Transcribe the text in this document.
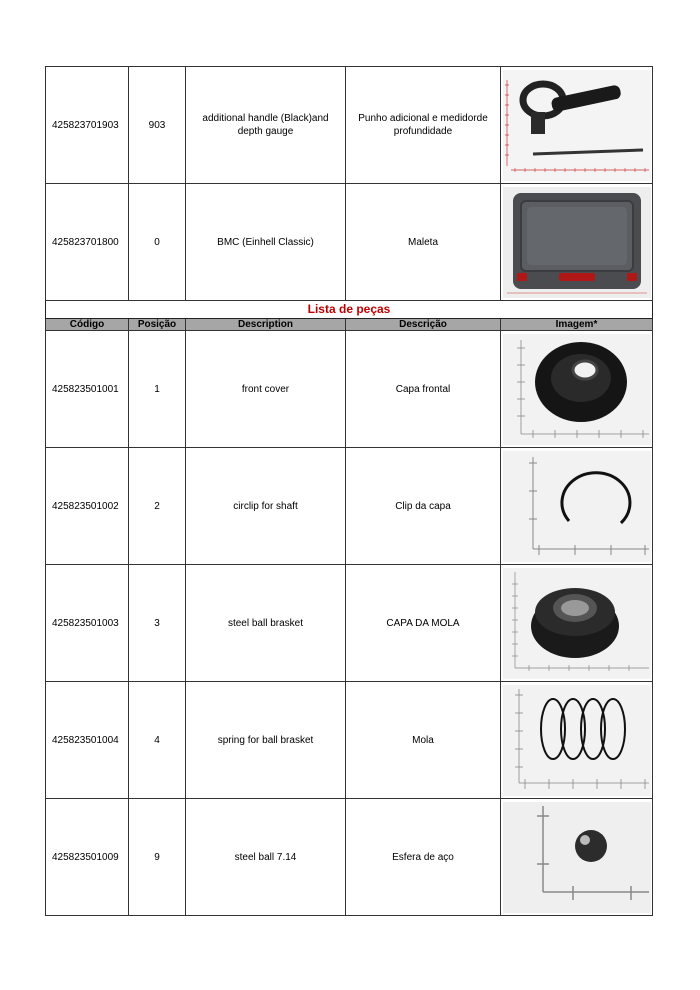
425823701903	903	additional handle (Black)and depth gauge	Punho adicional e medidorde profundidade	

425823701800	0	BMC (Einhell Classic)	Maleta	

Lista de peças				
Código	Posição	Description	Descrição	Imagem*
425823501001	1	front cover	Capa frontal	

425823501002	2	circlip for shaft	Clip da capa	

425823501003	3	steel ball brasket	CAPA DA MOLA	

425823501004	4	spring for ball brasket	Mola	

425823501009	9	steel ball 7.14	Esfera de aço	
